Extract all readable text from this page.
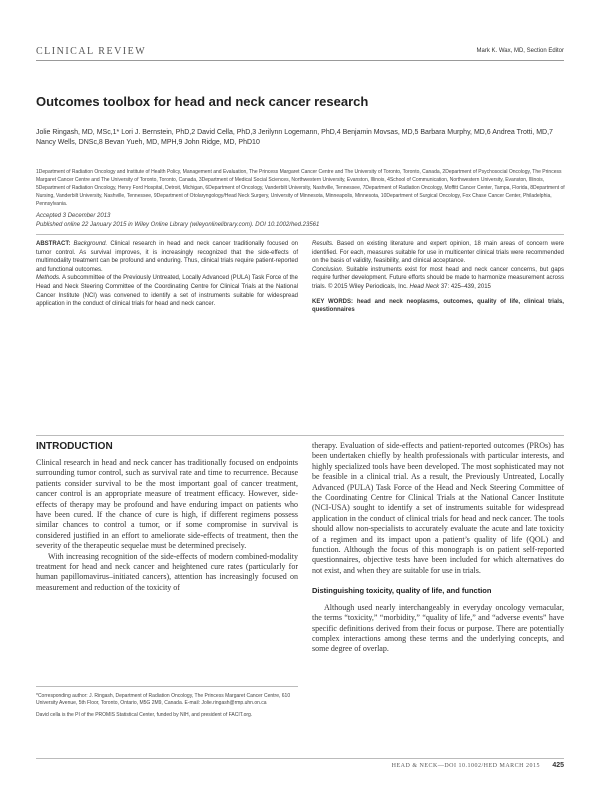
CLINICAL REVIEW	Mark K. Wax, MD, Section Editor
Outcomes toolbox for head and neck cancer research
Jolie Ringash, MD, MSc,1* Lori J. Bernstein, PhD,2 David Cella, PhD,3 Jerilynn Logemann, PhD,4 Benjamin Movsas, MD,5 Barbara Murphy, MD,6 Andrea Trotti, MD,7 Nancy Wells, DNSc,8 Bevan Yueh, MD, MPH,9 John Ridge, MD, PhD10
1Department of Radiation Oncology and Institute of Health Policy, Management and Evaluation, The Princess Margaret Cancer Centre and The University of Toronto, Toronto, Canada, 2Department of Psychosocial Oncology, The Princess Margaret Cancer Centre and The University of Toronto, Toronto, Canada, 3Department of Medical Social Sciences, Northwestern University, Evanston, Illinois, 4School of Communication, Northwestern University, Evanston, Illinois, 5Department of Radiation Oncology, Henry Ford Hospital, Detroit, Michigan, 6Department of Oncology, Vanderbilt University, Nashville, Tennessee, 7Department of Radiation Oncology, Moffitt Cancer Center, Tampa, Florida, 8Department of Nursing, Vanderbilt University, Nashville, Tennessee, 9Department of Otolaryngology/Head Neck Surgery, University of Minnesota, Minneapolis, Minnesota, 10Department of Surgical Oncology, Fox Chase Cancer Center, Philadelphia, Pennsylvania.
Accepted 3 December 2013
Published online 22 January 2015 in Wiley Online Library (wileyonlinelibrary.com). DOI 10.1002/hed.23561

ABSTRACT: Background. Clinical research in head and neck cancer traditionally focused on tumor control. As survival improves, it is increasingly recognized that the side-effects of multimodality treatment can be profound and enduring. Thus, clinical trials require patient-reported and functional outcomes.

Methods. A subcommittee of the Previously Untreated, Locally Advanced (PULA) Task Force of the Head and Neck Steering Committee of the Coordinating Centre for Clinical Trials at the National Cancer Institute (NCI) was convened to identify a set of instruments suitable for widespread application in the conduct of clinical trials for head and neck cancer.

Results. Based on existing literature and expert opinion, 18 main areas of concern were identified. For each, measures suitable for use in multicenter clinical trials were recommended on the basis of validity, feasibility, and clinical acceptance.

Conclusion. Suitable instruments exist for most head and neck cancer concerns, but gaps require further development. Future efforts should be made to harmonize measurement across trials. © 2015 Wiley Periodicals, Inc. Head Neck 37: 425–439, 2015

KEY WORDS: head and neck neoplasms, outcomes, quality of life, clinical trials, questionnaires

INTRODUCTION

Clinical research in head and neck cancer has traditionally focused on endpoints surrounding tumor control, such as survival rate and time to recurrence. Because patients consider survival to be the most important goal of cancer treatment, cancer control is an appropriate measure of treatment efficacy. However, side-effects of therapy may be profound and have enduring impact on patients who have been cured. If the chance of cure is high, if different regimens possess similar chances to control a tumor, or if some compromise in survival is considered justified in an effort to ameliorate side-effects of treatment, then the severity of the therapeutic sequelae must be determined precisely.

With increasing recognition of the side-effects of modern combined-modality treatment for head and neck cancer and heightened cure rates (particularly for human papillomavirus–initiated cancers), attention has increasingly focused on measurement and reduction of the toxicity of

therapy. Evaluation of side-effects and patient-reported outcomes (PROs) has been undertaken chiefly by health professionals with particular interests, and highly specialized tools have been developed. The most sophisticated may not be feasible in a clinical trial. As a result, the Previously Untreated, Locally Advanced (PULA) Task Force of the Head and Neck Steering Committee of the Coordinating Centre for Clinical Trials at the National Cancer Institute (NCI-USA) sought to identify a set of instruments suitable for widespread application in the conduct of clinical trials for head and neck cancer. The tools should allow non-specialists to accurately evaluate the acute and late toxicity of a regimen and its impact upon a patient’s quality of life (QOL) and function. Although the focus of this monograph is on patient self-reported questionnaires, objective tests have been included for which alternatives do not exist, and when they are suitable for use in trials.

Distinguishing toxicity, quality of life, and function

Although used nearly interchangeably in everyday oncology vernacular, the terms “toxicity,” “morbidity,” “quality of life,” and “adverse events” have specific definitions derived from their focus or purpose. There are potentially complex interactions among these terms and the underlying concepts, and some degree of overlap.

*Corresponding author: J. Ringash, Department of Radiation Oncology, The Princess Margaret Cancer Centre, 610 University Avenue, 5th Floor, Toronto, Ontario, M5G 2M9, Canada. E-mail: Jolie.ringash@rmp.uhn.on.ca

David cella is the PI of the PROMIS Statistical Center, funded by NIH, and president of FACIT.org.

HEAD & NECK—DOI 10.1002/HED MARCH 2015 425
